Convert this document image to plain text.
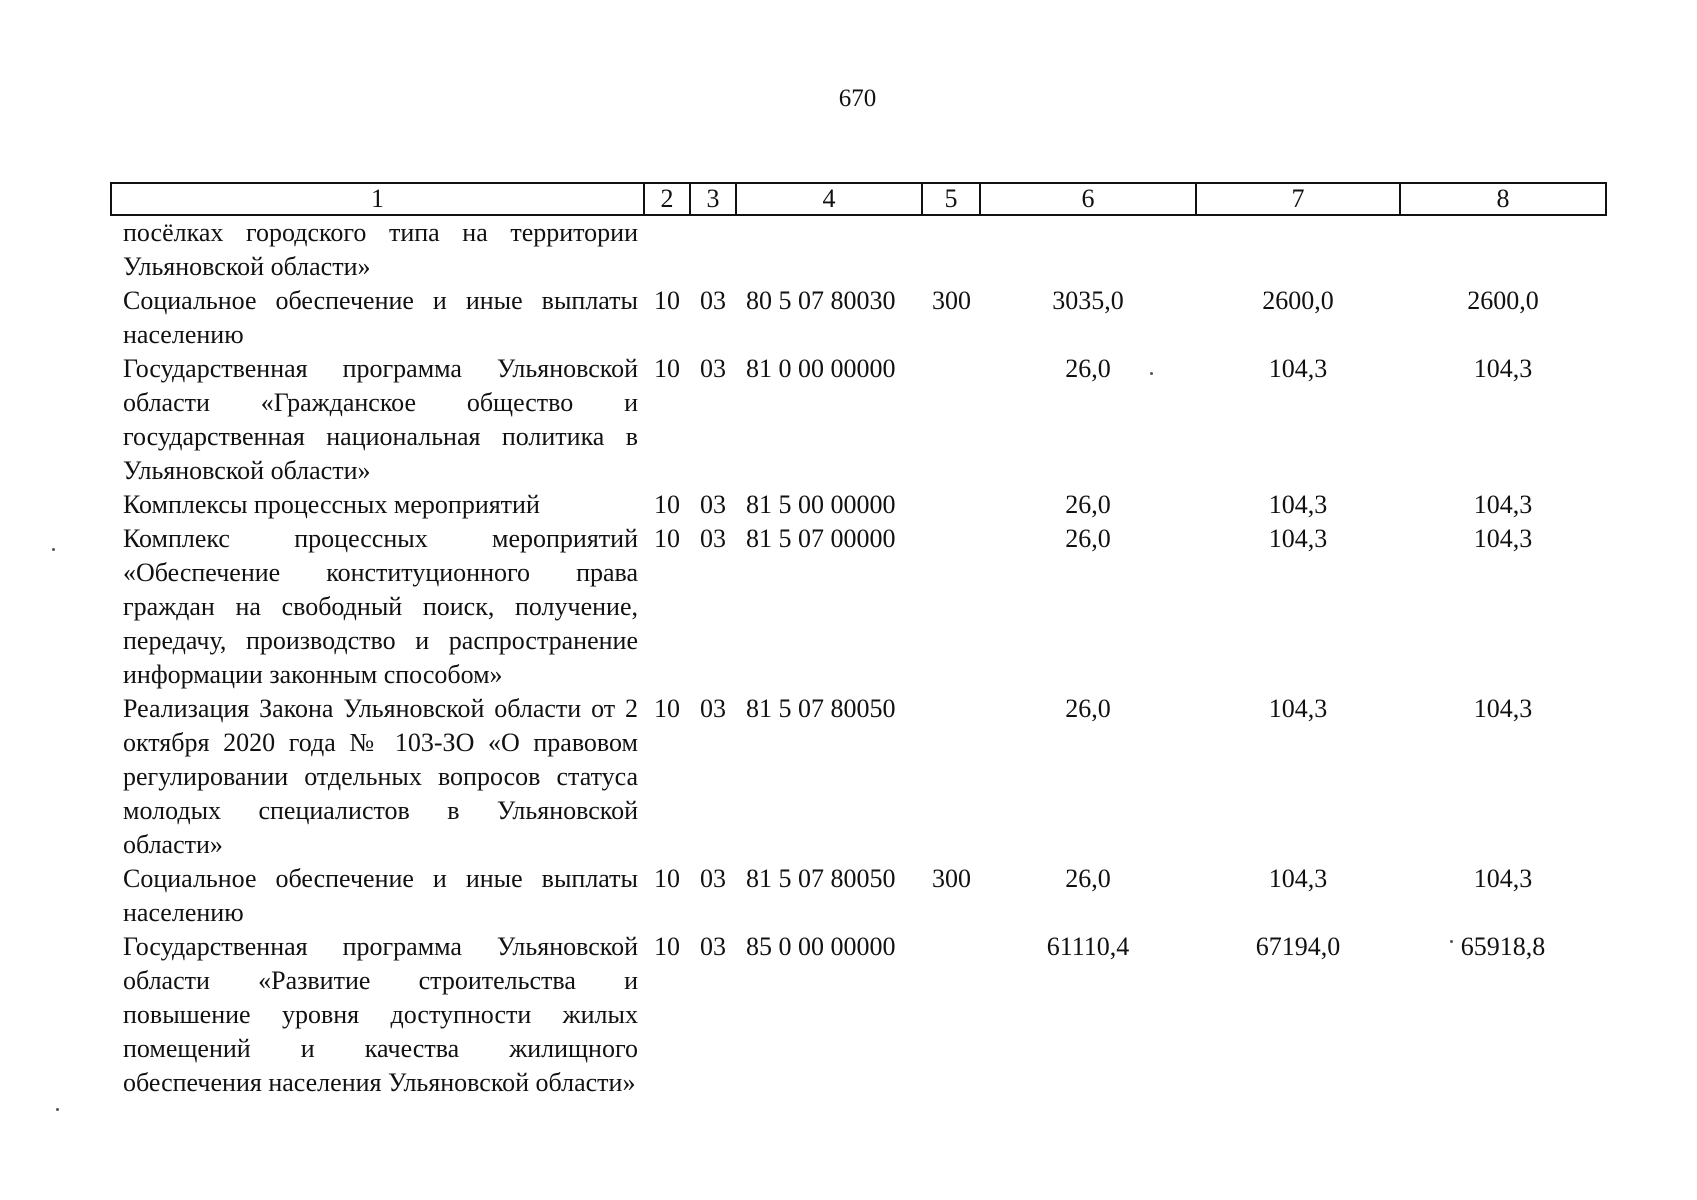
670
1	2	3	4	5	6	7	8
посёлках городского типа на территории Ульяновской области»							
Социальное обеспечение и иные выплаты населению	10	03	80 5 07 80030	300	3035,0	2600,0	2600,0
Государственная программа Ульяновской области «Гражданское общество и государственная национальная политика в Ульяновской области»	10	03	81 0 00 00000		26,0	104,3	104,3
Комплексы процессных мероприятий	10	03	81 5 00 00000		26,0	104,3	104,3
Комплекс процессных мероприятий «Обеспечение конституционного права граждан на свободный поиск, получение, передачу, производство и распространение информации законным способом»	10	03	81 5 07 00000		26,0	104,3	104,3
Реализация Закона Ульяновской области от 2 октября 2020 года № 103-ЗО «О правовом регулировании отдельных вопросов статуса молодых специалистов в Ульяновской области»	10	03	81 5 07 80050		26,0	104,3	104,3
Социальное обеспечение и иные выплаты населению	10	03	81 5 07 80050	300	26,0	104,3	104,3
Государственная программа Ульяновской области «Развитие строительства и повышение уровня доступности жилых помещений и качества жилищного обеспечения населения Ульяновской области»	10	03	85 0 00 00000		61110,4	67194,0	65918,8
